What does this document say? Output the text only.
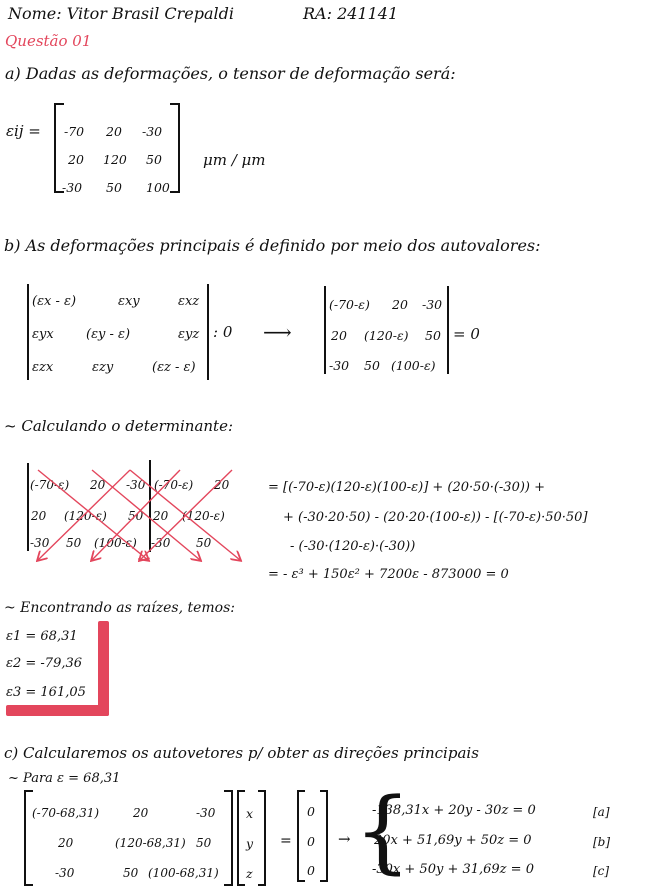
Nome: Vitor Brasil Crepaldi	RA: 241141
Questão 01
a) Dadas as deformações, o tensor de deformação será:
εij = -70 20 -30
20 120 50
-30 50 100
μm / μm
b) As deformações principais é definido por meio dos autovalores:
(εx - ε)	εxy	εxz
εyx (εy - ε)	εyz
εzx	εzy	(εz - ε)
: 0 ⟶
(-70-ε) 20 -30
20 (120-ε) 50
-30 50 (100-ε)
= 0
~ Calculando o determinante:
(-70-ε) 20 -30 (-70-ε) 20
20 (120-ε) 50 20 (120-ε)
-30 50 (100-ε) -30 50
= [(-70-ε)(120-ε)(100-ε)] + (20·50·(-30)) +
+ (-30·20·50) - (20·20·(100-ε)) - [(-70-ε)·50·50]
- (-30·(120-ε)·(-30))
= - ε³ + 150ε² + 7200ε - 873000 = 0
~ Encontrando as raízes, temos:
ε1 = 68,31
ε2 = -79,36
ε3 = 161,05
c) Calcularemos os autovetores p/ obter as direções principais
~ Para ε = 68,31
(-70-68,31)	20	-30
20	(120-68,31) 50
-30	50 (100-68,31)
x
y
z
=
0
0
0
→ {
-138,31x + 20y - 30z = 0	[a]
20x + 51,69y + 50z = 0	[b]
-30x + 50y + 31,69z = 0	[c]
